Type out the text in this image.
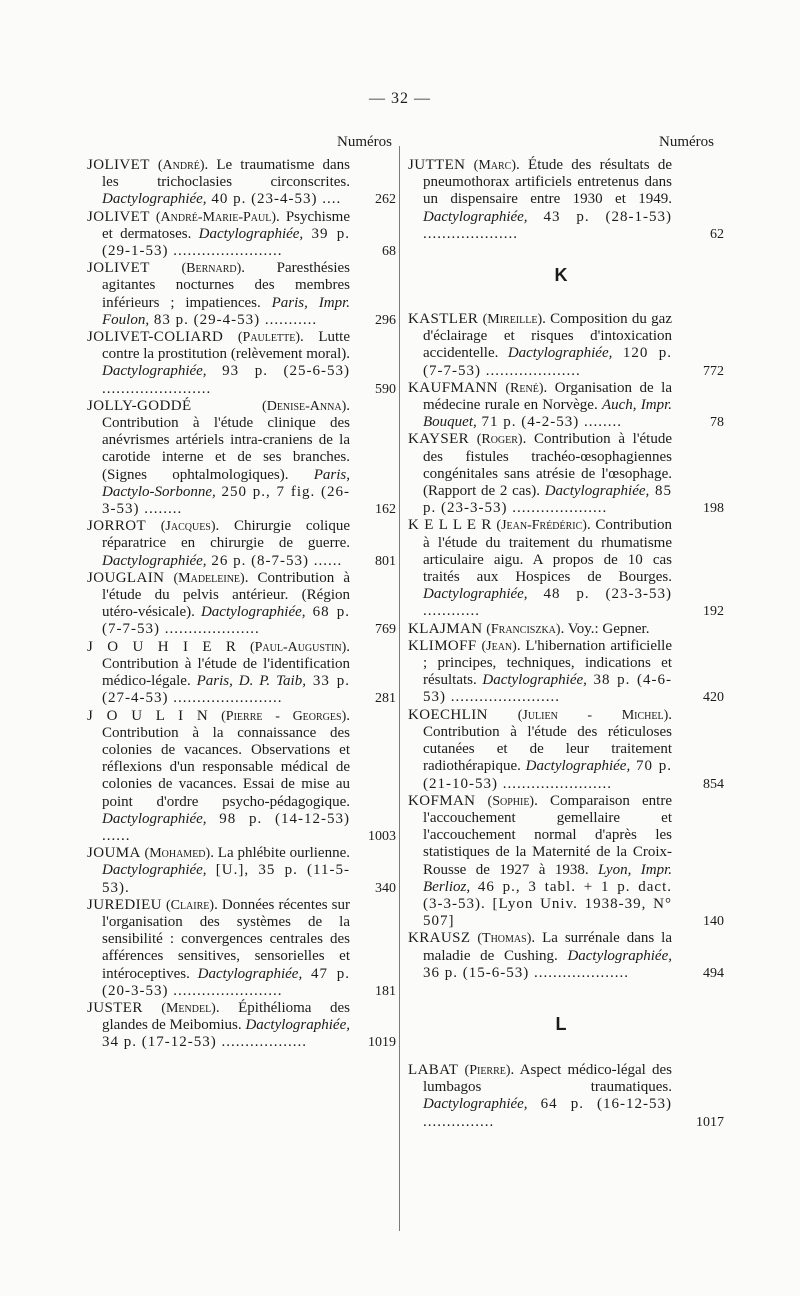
— 32 —
Numéros

JOLIVET (André). Le traumatisme dans les trichoclasies circonscrites. Dactylographiée, 40 p. (23-4-53) ....	262

JOLIVET (André-Marie-Paul). Psychisme et dermatoses. Dactylographiée, 39 p. (29-1-53) .......................	68

JOLIVET (Bernard). Paresthésies agitantes nocturnes des membres inférieurs ; impatiences. Paris, Impr. Foulon, 83 p. (29-4-53) ...........	296

JOLIVET-COLIARD (Paulette). Lutte contre la prostitution (relèvement moral). Dactylographiée, 93 p. (25-6-53) .......................	590

JOLLY-GODDÉ	(Denise-Anna). Contribution à l'étude clinique des anévrismes artériels intra-craniens de la carotide interne et de ses branches. (Signes ophtalmologiques). Paris, Dactylo-Sorbonne, 250 p., 7 fig. (26-3-53) ........	162

JORROT (Jacques). Chirurgie colique réparatrice en chirurgie de guerre. Dactylographiée, 26 p. (8-7-53) ......	801

JOUGLAIN (Madeleine). Contribution à l'étude du pelvis antérieur. (Région utéro-vésicale). Dactylographiée, 68 p. (7-7-53) ....................	769

J O U H I E R (Paul-Augustin). Contribution à l'étude de l'identification médico-légale. Paris, D. P. Taib, 33 p. (27-4-53) .......................	281

J O U L I N (Pierre - Georges). Contribution à la connaissance des colonies de vacances. Observations et réflexions d'un responsable médical de colonies de vacances. Essai de mise au point d'ordre psycho-pédagogique. Dactylographiée, 98 p. (14-12-53) ......	1003

JOUMA (Mohamed). La phlébite ourlienne. Dactylographiée, [U.], 35 p. (11-5-53).	340

JUREDIEU (Claire). Données récentes sur l'organisation des systèmes de la sensibilité : convergences centrales des afférences sensitives, sensorielles et intéroceptives. Dactylographiée, 47 p. (20-3-53) .......................	181

JUSTER (Mendel). Épithélioma des glandes de Meibomius. Dactylographiée, 34 p. (17-12-53) ..................	1019
Numéros

JUTTEN (Marc). Étude des résultats de pneumothorax artificiels entretenus dans un dispensaire entre 1930 et 1949. Dactylographiée, 43 p. (28-1-53) ....................	62
K

KASTLER (Mireille). Composition du gaz d'éclairage et risques d'intoxication accidentelle. Dactylographiée, 120 p. (7-7-53) ....................	772

KAUFMANN (René). Organisation de la médecine rurale en Norvège. Auch, Impr. Bouquet, 71 p. (4-2-53) ........	78

KAYSER (Roger). Contribution à l'étude des fistules trachéo-œsophagiennes congénitales sans atrésie de l'œsophage. (Rapport de 2 cas). Dactylographiée, 85 p. (23-3-53) ....................	198

K E L L E R (Jean-Frédéric). Contribution à l'étude du traitement du rhumatisme articulaire aigu. A propos de 10 cas traités aux Hospices de Bourges. Dactylographiée, 48 p. (23-3-53) ............	192

KLAJMAN (Franciszka). Voy.: Gepner.

KLIMOFF (Jean). L'hibernation artificielle ; principes, techniques, indications et résultats. Dactylographiée, 38 p. (4-6-53) .......................	420

KOECHLIN (Julien - Michel). Contribution à l'étude des réticuloses cutanées et de leur traitement radiothérapique. Dactylographiée, 70 p. (21-10-53) .......................	854

KOFMAN (Sophie). Comparaison entre l'accouchement gemellaire et l'accouchement normal d'après les statistiques de la Maternité de la Croix-Rousse de 1927 à 1938. Lyon, Impr. Berlioz, 46 p., 3 tabl. + 1 p. dact. (3-3-53). [Lyon Univ. 1938-39, N° 507]	140

KRAUSZ (Thomas). La surrénale dans la maladie de Cushing. Dactylographiée, 36 p. (15-6-53) ....................	494
L

LABAT (Pierre). Aspect médico-légal des lumbagos traumatiques. Dactylographiée, 64 p. (16-12-53) ...............	1017
